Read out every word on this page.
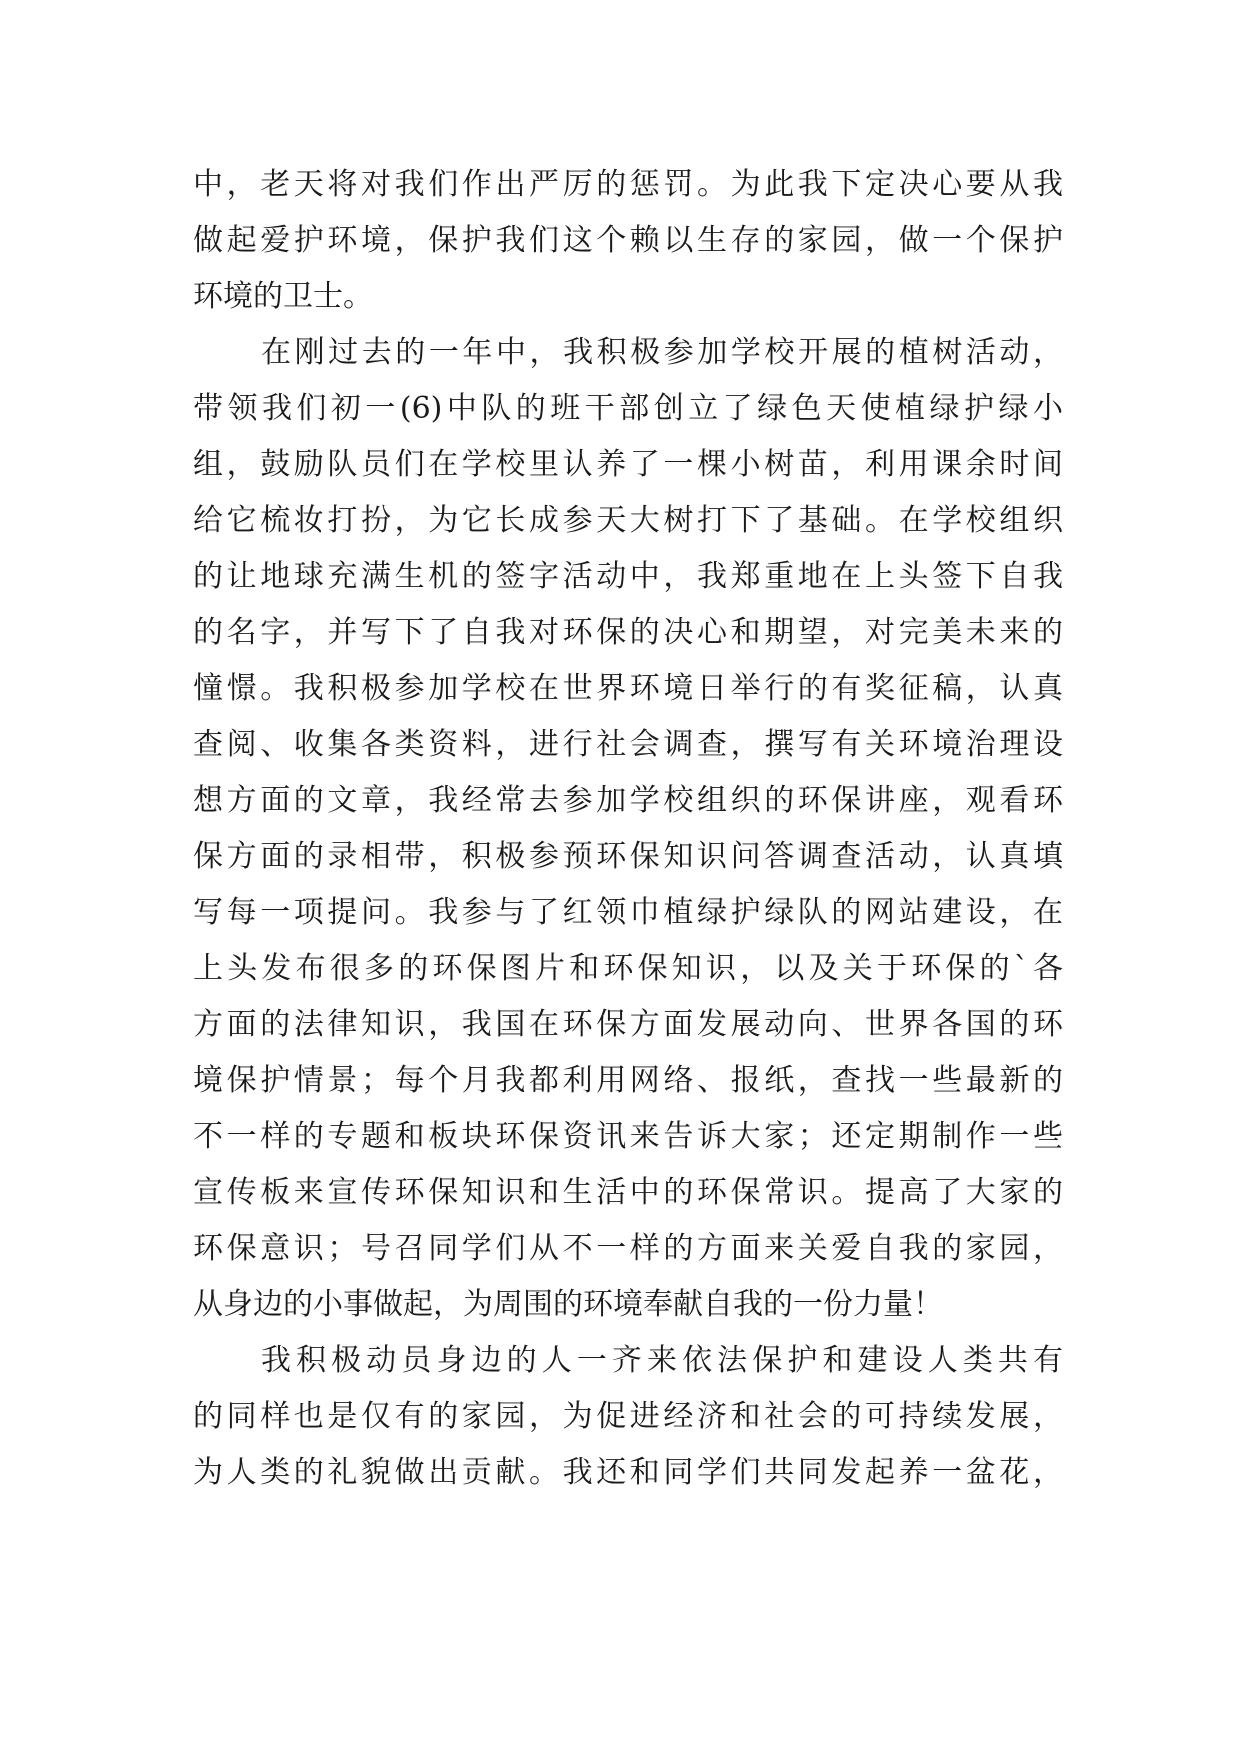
中，老天将对我们作出严厉的惩罚。为此我下定决心要从我
做起爱护环境，保护我们这个赖以生存的家园，做一个保护
环境的卫士。
在刚过去的一年中，我积极参加学校开展的植树活动，
带领我们初一(6)中队的班干部创立了绿色天使植绿护绿小
组，鼓励队员们在学校里认养了一棵小树苗，利用课余时间
给它梳妆打扮，为它长成参天大树打下了基础。在学校组织
的让地球充满生机的签字活动中，我郑重地在上头签下自我
的名字，并写下了自我对环保的决心和期望，对完美未来的
憧憬。我积极参加学校在世界环境日举行的有奖征稿，认真
查阅、收集各类资料，进行社会调查，撰写有关环境治理设
想方面的文章，我经常去参加学校组织的环保讲座，观看环
保方面的录相带，积极参预环保知识问答调查活动，认真填
写每一项提问。我参与了红领巾植绿护绿队的网站建设，在
上头发布很多的环保图片和环保知识，以及关于环保的`各
方面的法律知识，我国在环保方面发展动向、世界各国的环
境保护情景；每个月我都利用网络、报纸，查找一些最新的
不一样的专题和板块环保资讯来告诉大家；还定期制作一些
宣传板来宣传环保知识和生活中的环保常识。提高了大家的
环保意识；号召同学们从不一样的方面来关爱自我的家园，
从身边的小事做起，为周围的环境奉献自我的一份力量！
我积极动员身边的人一齐来依法保护和建设人类共有
的同样也是仅有的家园，为促进经济和社会的可持续发展，
为人类的礼貌做出贡献。我还和同学们共同发起养一盆花，
